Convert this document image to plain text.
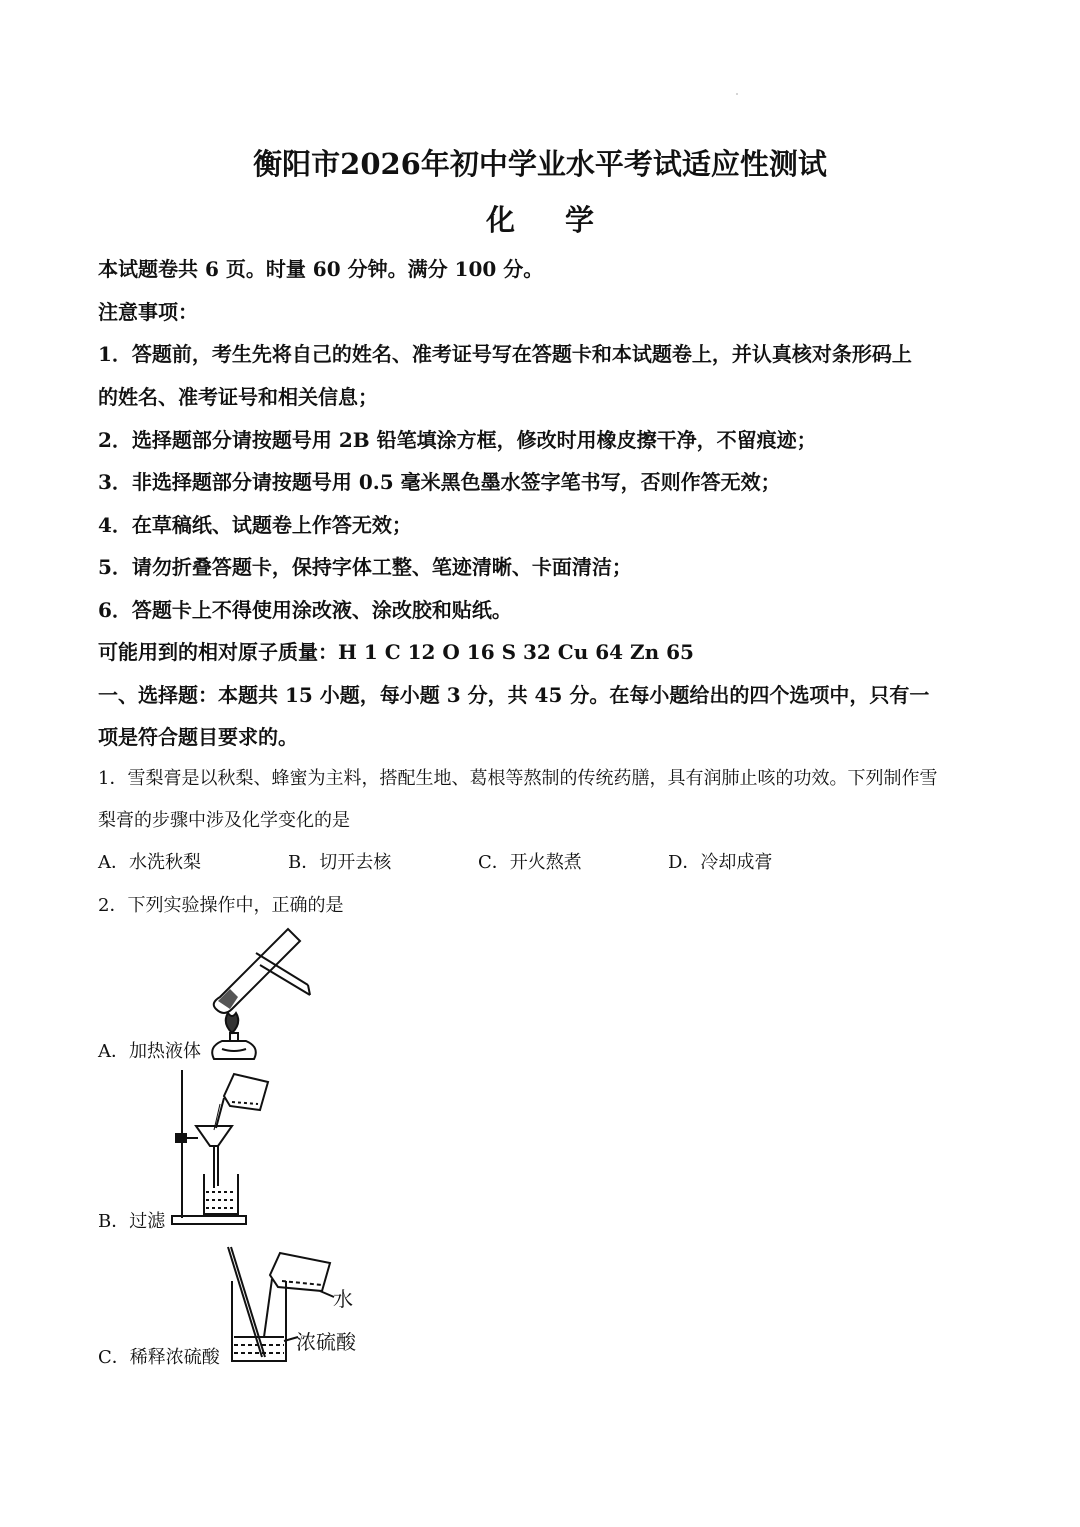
衡阳市2026年初中学业水平考试适应性测试
化 学
本试题卷共 6 页。时量 60 分钟。满分 100 分。
注意事项：
1．答题前，考生先将自己的姓名、准考证号写在答题卡和本试题卷上，并认真核对条形码上
的姓名、准考证号和相关信息；
2．选择题部分请按题号用 2B 铅笔填涂方框，修改时用橡皮擦干净，不留痕迹；
3．非选择题部分请按题号用 0.5 毫米黑色墨水签字笔书写，否则作答无效；
4．在草稿纸、试题卷上作答无效；
5．请勿折叠答题卡，保持字体工整、笔迹清晰、卡面清洁；
6．答题卡上不得使用涂改液、涂改胶和贴纸。
可能用到的相对原子质量：H 1 C 12 O 16 S 32 Cu 64 Zn 65
一、选择题：本题共 15 小题，每小题 3 分，共 45 分。在每小题给出的四个选项中，只有一
项是符合题目要求的。
1．雪梨膏是以秋梨、蜂蜜为主料，搭配生地、葛根等熬制的传统药膳，具有润肺止咳的功效。下列制作雪
梨膏的步骤中涉及化学变化的是
A．水洗秋梨	B．切开去核	C．开火熬煮	D．冷却成膏
2．下列实验操作中，正确的是
A．加热液体
B．过滤
水
浓硫酸
C．稀释浓硫酸
